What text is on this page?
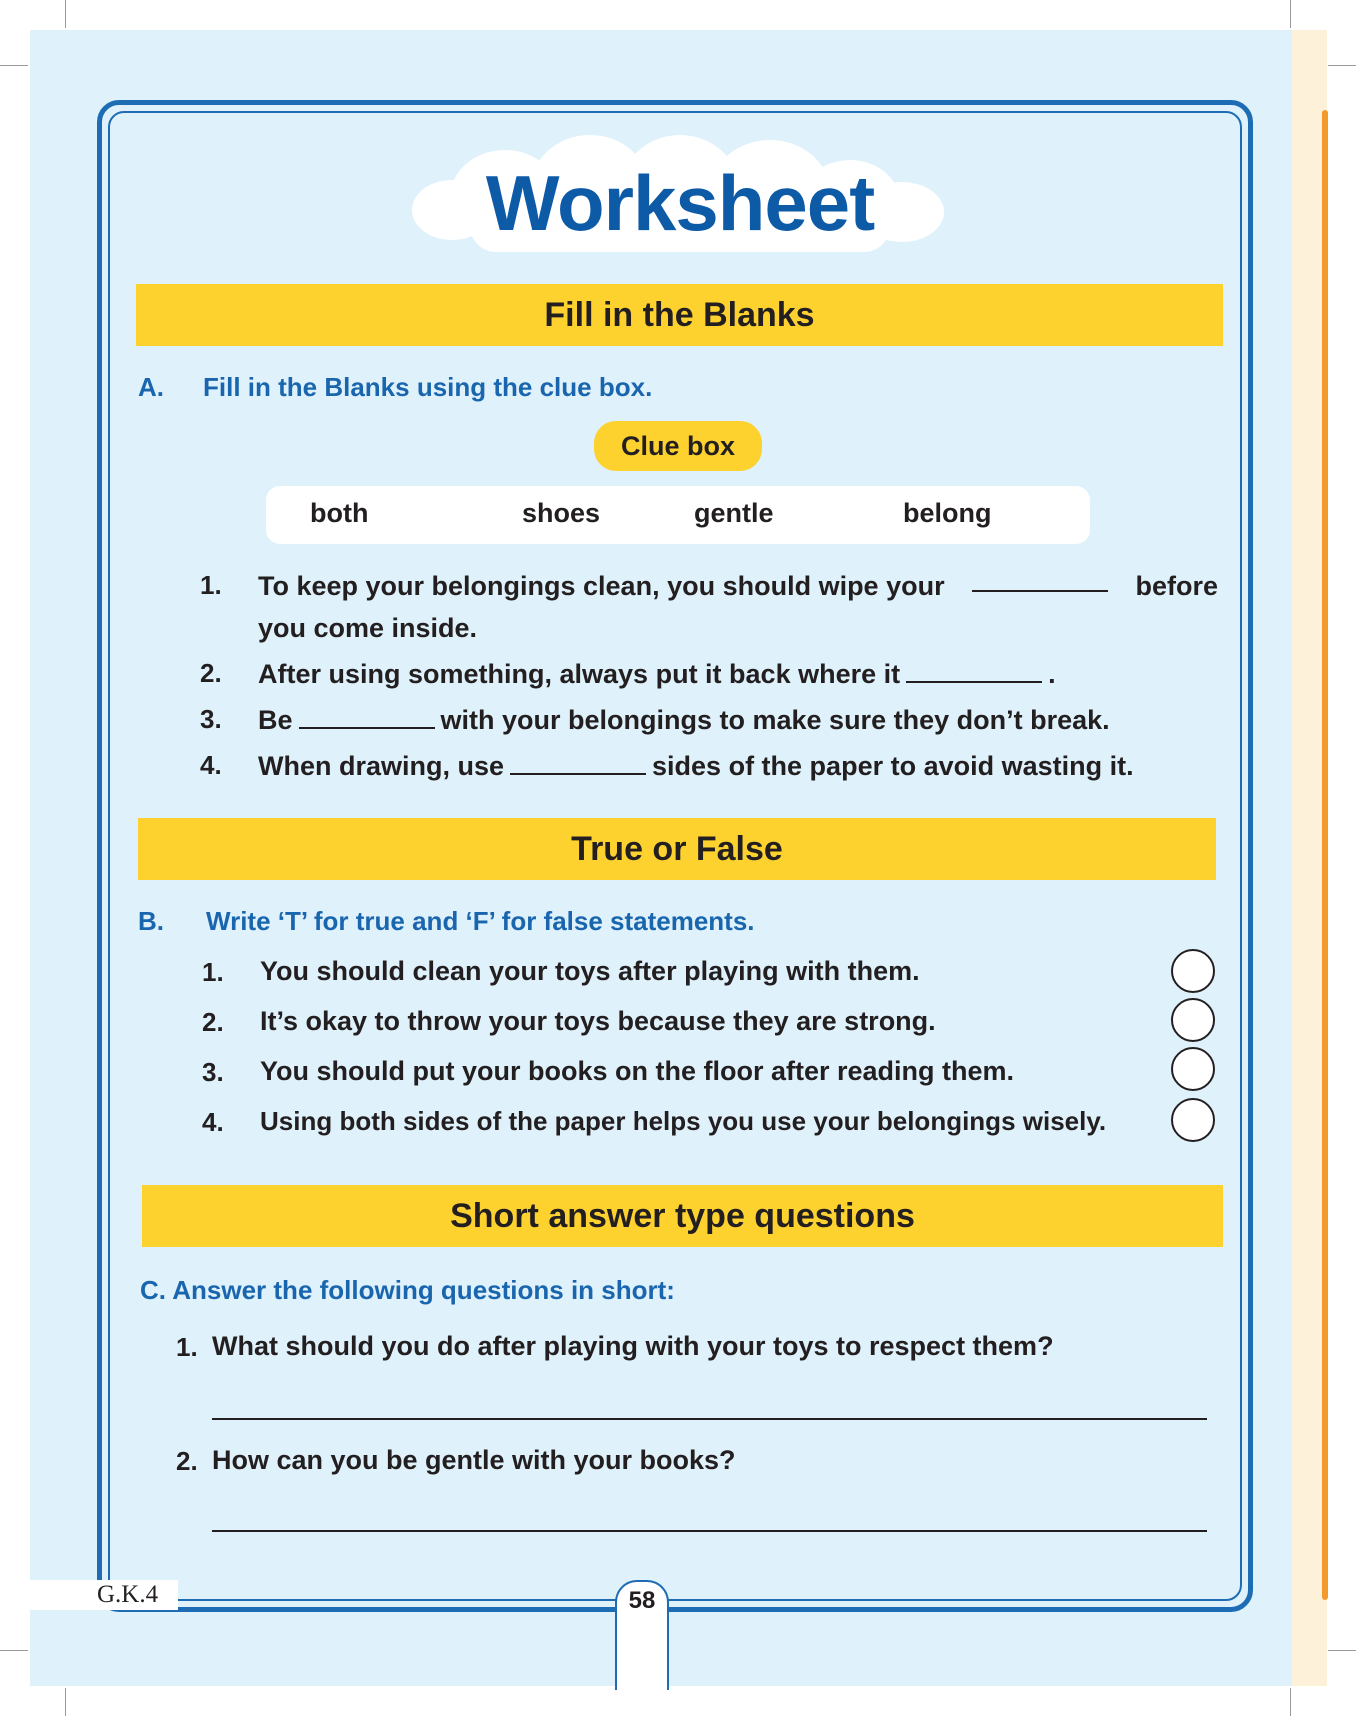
Worksheet
Fill in the Blanks
A. Fill in the Blanks using the clue box.
Clue box
both	shoes	gentle	belong
1. To keep your belongings clean, you should wipe your	before
you come inside.
2. After using something, always put it back where it	.
3. Be	with your belongings to make sure they don’t break.
4. When drawing, use	sides of the paper to avoid wasting it.
True or False
B. Write ‘T’ for true and ‘F’ for false statements.
1. You should clean your toys after playing with them.
2. It’s okay to throw your toys because they are strong.
3. You should put your books on the floor after reading them.
4. Using both sides of the paper helps you use your belongings wisely.
Short answer type questions
C. Answer the following questions in short:
1. What should you do after playing with your toys to respect them?
2. How can you be gentle with your books?
G.K.4	58
